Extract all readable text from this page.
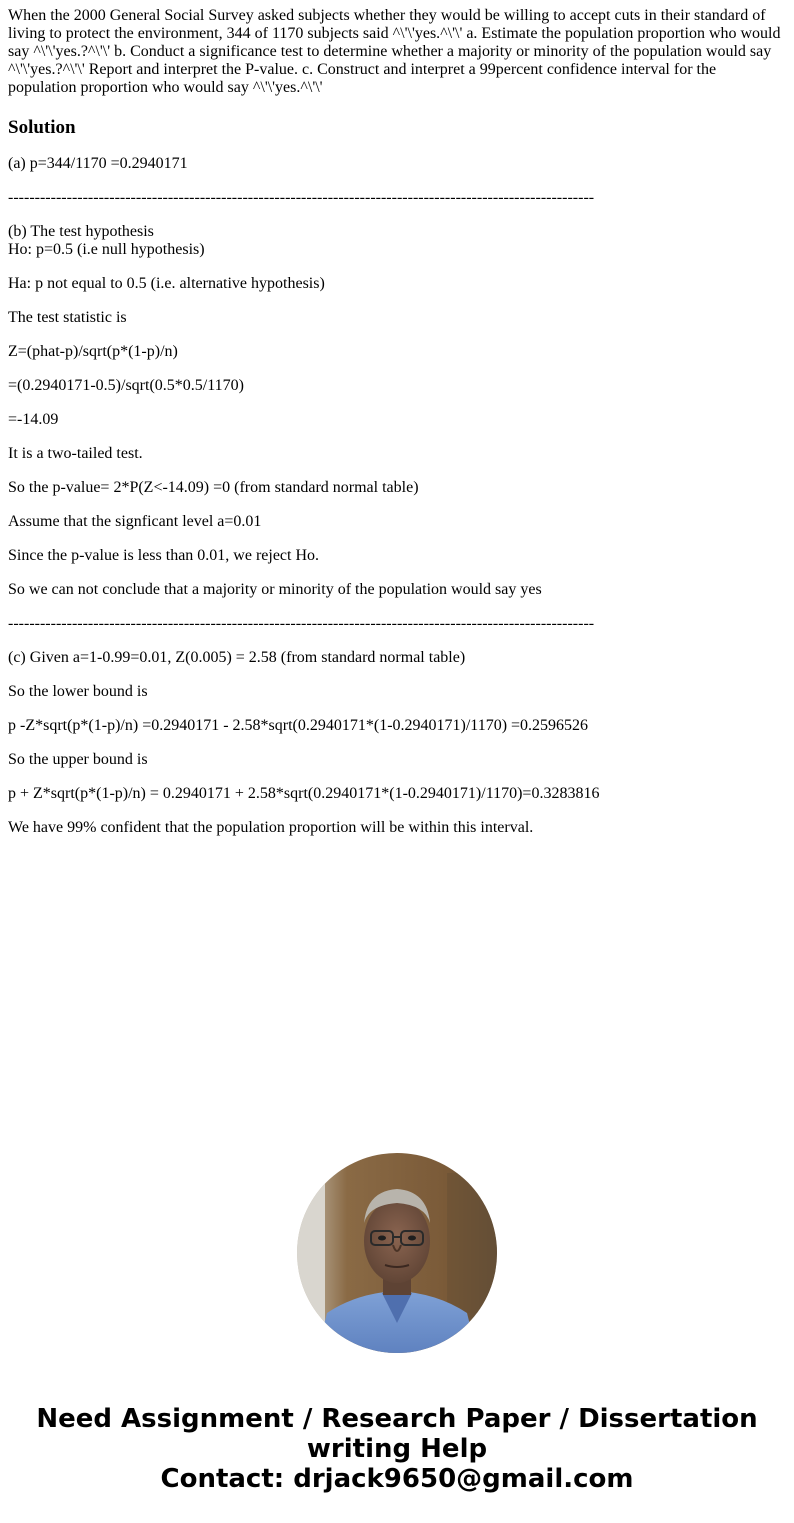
When the 2000 General Social Survey asked subjects whether they would be willing to accept cuts in their standard of living to protect the environment, 344 of 1170 subjects said ^\'\'yes.^\'\' a. Estimate the population proportion who would say ^\'\'yes.?^\'\' b. Conduct a significance test to determine whether a majority or minority of the population would say ^\'\'yes.?^\'\' Report and interpret the P-value. c. Construct and interpret a 99percent confidence interval for the population proportion who would say ^\'\'yes.^\'\'

Solution

(a) p=344/1170 =0.2940171

--------------------------------------------------------------------------------------------------------------

(b) The test hypothesis

Ho: p=0.5 (i.e null hypothesis)

Ha: p not equal to 0.5 (i.e. alternative hypothesis)

The test statistic is

Z=(phat-p)/sqrt(p*(1-p)/n)

=(0.2940171-0.5)/sqrt(0.5*0.5/1170)

=-14.09

It is a two-tailed test.

So the p-value= 2*P(Z<-14.09) =0 (from standard normal table)

Assume that the signficant level a=0.01

Since the p-value is less than 0.01, we reject Ho.

So we can not conclude that a majority or minority of the population would say yes

--------------------------------------------------------------------------------------------------------------

(c) Given a=1-0.99=0.01, Z(0.005) = 2.58 (from standard normal table)

So the lower bound is

p -Z*sqrt(p*(1-p)/n) =0.2940171 - 2.58*sqrt(0.2940171*(1-0.2940171)/1170) =0.2596526

So the upper bound is

p + Z*sqrt(p*(1-p)/n) = 0.2940171 + 2.58*sqrt(0.2940171*(1-0.2940171)/1170)=0.3283816

We have 99% confident that the population proportion will be within this interval.

Need Assignment / Research Paper / Dissertation
writing Help
Contact: drjack9650@gmail.com
